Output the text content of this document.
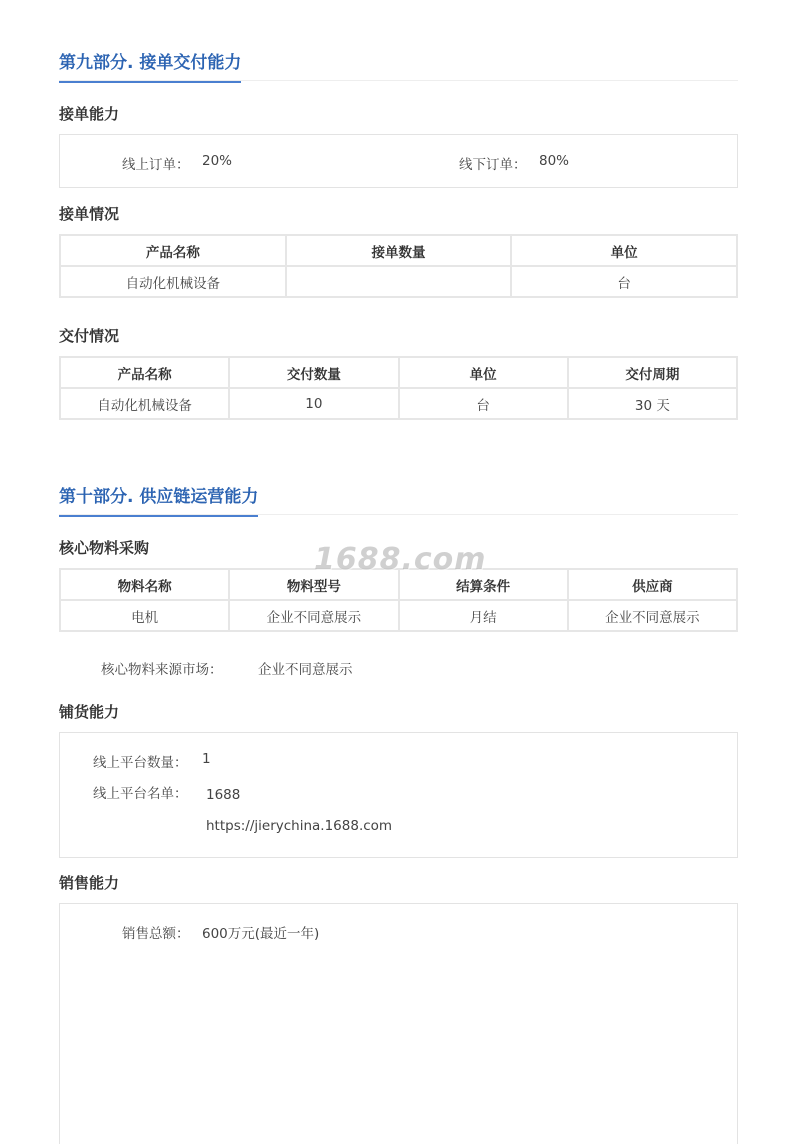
第九部分. 接单交付能力
接单能力
线上订单： 20%	线下订单： 80%
接单情况
产品名称	接单数量	单位
自动化机械设备		台
交付情况
产品名称	交付数量	单位	交付周期
自动化机械设备	10	台	30 天
第十部分. 供应链运营能力
核心物料采购
物料名称	物料型号	结算条件	供应商
电机	企业不同意展示	月结	企业不同意展示
核心物料来源市场：	企业不同意展示
铺货能力
线上平台数量： 1
线上平台名单： 1688
https://jierychina.1688.com
销售能力
销售总额： 600万元(最近一年)
1688.com
